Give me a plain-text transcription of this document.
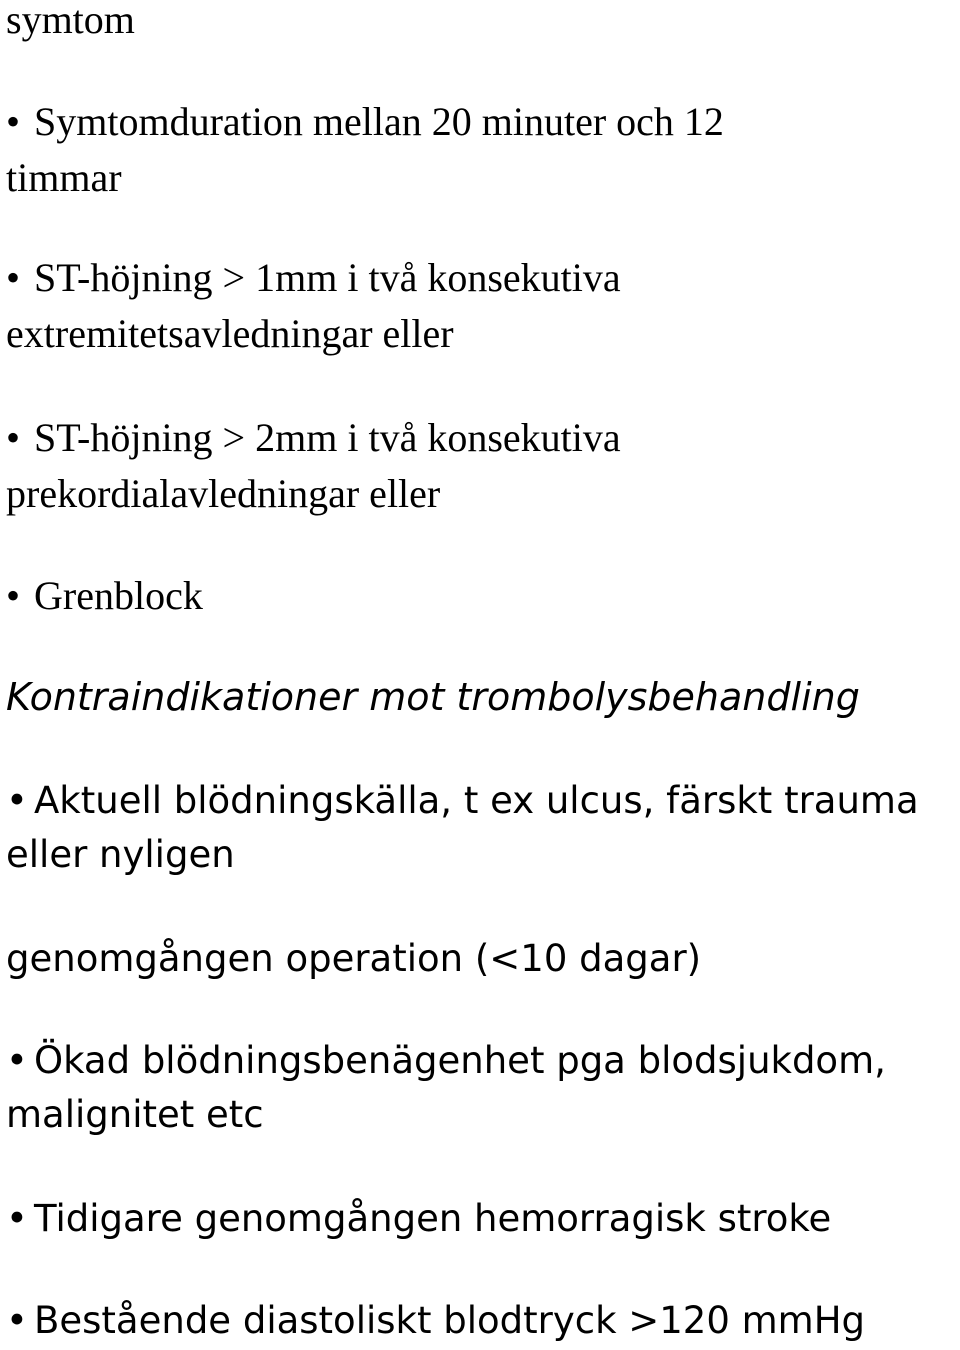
symtom
• Symtomduration mellan 20 minuter och 12
timmar
• ST-höjning > 1mm i två konsekutiva
extremitetsavledningar eller
• ST-höjning > 2mm i två konsekutiva
prekordialavledningar eller
• Grenblock
Kontraindikationer mot trombolysbehandling
• Aktuell blödningskälla, t ex ulcus, färskt trauma
eller nyligen
genomgången operation (<10 dagar)
• Ökad blödningsbenägenhet pga blodsjukdom,
malignitet etc
• Tidigare genomgången hemorragisk stroke
• Bestående diastoliskt blodtryck >120 mmHg
